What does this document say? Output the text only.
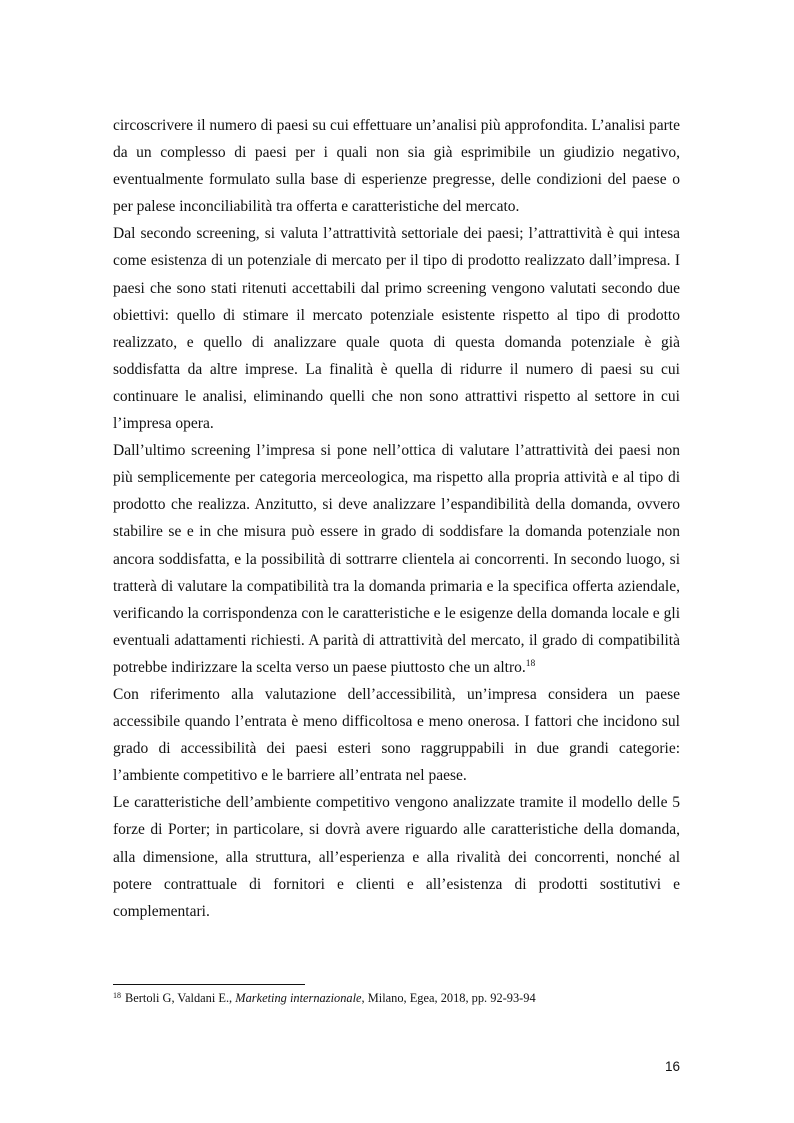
circoscrivere il numero di paesi su cui effettuare un’analisi più approfondita. L’analisi parte da un complesso di paesi per i quali non sia già esprimibile un giudizio negativo, eventualmente formulato sulla base di esperienze pregresse, delle condizioni del paese o per palese inconciliabilità tra offerta e caratteristiche del mercato.

Dal secondo screening, si valuta l’attrattività settoriale dei paesi; l’attrattività è qui intesa come esistenza di un potenziale di mercato per il tipo di prodotto realizzato dall’impresa. I paesi che sono stati ritenuti accettabili dal primo screening vengono valutati secondo due obiettivi: quello di stimare il mercato potenziale esistente rispetto al tipo di prodotto realizzato, e quello di analizzare quale quota di questa domanda potenziale è già soddisfatta da altre imprese. La finalità è quella di ridurre il numero di paesi su cui continuare le analisi, eliminando quelli che non sono attrattivi rispetto al settore in cui l’impresa opera.

Dall’ultimo screening l’impresa si pone nell’ottica di valutare l’attrattività dei paesi non più semplicemente per categoria merceologica, ma rispetto alla propria attività e al tipo di prodotto che realizza. Anzitutto, si deve analizzare l’espandibilità della domanda, ovvero stabilire se e in che misura può essere in grado di soddisfare la domanda potenziale non ancora soddisfatta, e la possibilità di sottrarre clientela ai concorrenti. In secondo luogo, si tratterà di valutare la compatibilità tra la domanda primaria e la specifica offerta aziendale, verificando la corrispondenza con le caratteristiche e le esigenze della domanda locale e gli eventuali adattamenti richiesti. A parità di attrattività del mercato, il grado di compatibilità potrebbe indirizzare la scelta verso un paese piuttosto che un altro.$^{18}$

Con riferimento alla valutazione dell’accessibilità, un’impresa considera un paese accessibile quando l’entrata è meno difficoltosa e meno onerosa. I fattori che incidono sul grado di accessibilità dei paesi esteri sono raggruppabili in due grandi categorie: l’ambiente competitivo e le barriere all’entrata nel paese.

Le caratteristiche dell’ambiente competitivo vengono analizzate tramite il modello delle 5 forze di Porter; in particolare, si dovrà avere riguardo alle caratteristiche della domanda, alla dimensione, alla struttura, all’esperienza e alla rivalità dei concorrenti, nonché al potere contrattuale di fornitori e clienti e all’esistenza di prodotti sostitutivi e complementari.

$^{18}$ Bertoli G, Valdani E., Marketing internazionale, Milano, Egea, 2018, pp. 92-93-94
16
